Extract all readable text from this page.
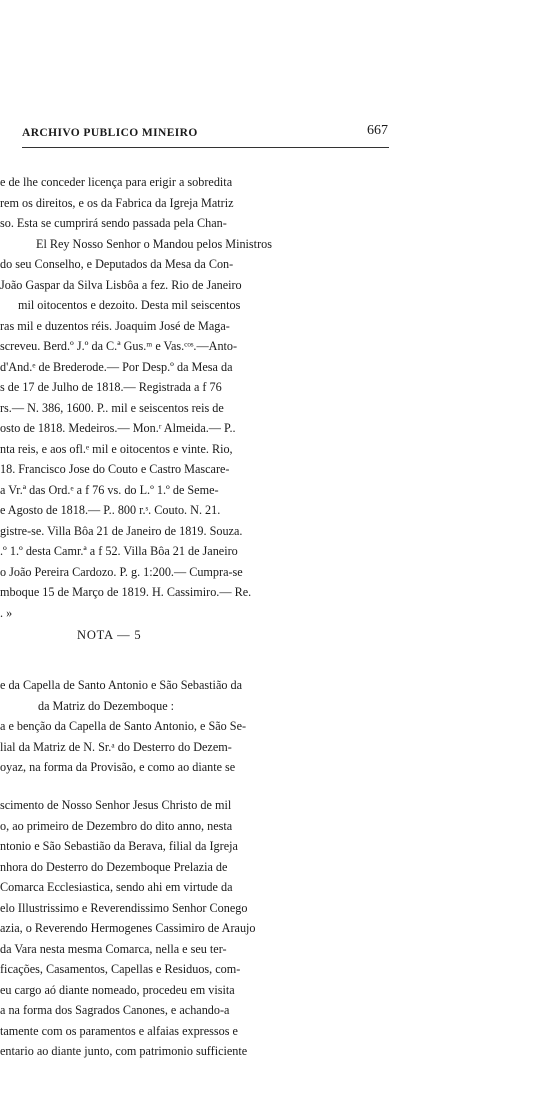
ARCHIVO PUBLICO MINEIRO	667
e de lhe conceder licença para erigir a sobredita
rem os direitos, e os da Fabrica da Igreja Matriz
so. Esta se cumprirá sendo passada pela Chan-
El Rey Nosso Senhor o Mandou pelos Ministros
do seu Conselho, e Deputados da Mesa da Con-
João Gaspar da Silva Lisbôa a fez. Rio de Janeiro
mil oitocentos e dezoito. Desta mil seiscentos
ras mil e duzentos réis. Joaquim José de Maga-
screveu. Berd.º J.º da C.ª Gus.ᵐ e Vas.ᶜᵒˢ.—Anto-
d'And.ᵉ de Brederode.— Por Desp.º da Mesa da
s de 17 de Julho de 1818.— Registrada a f 76
rs.— N. 386, 1600. P.. mil e seiscentos reis de
osto de 1818. Medeiros.— Mon.ʳ Almeida.— P..
nta reis, e aos ofl.ᵉ mil e oitocentos e vinte. Rio,
18. Francisco Jose do Couto e Castro Mascare-
a Vr.ª das Ord.ᵉ a f 76 vs. do L.º 1.º de Seme-
e Agosto de 1818.— P.. 800 r.ˢ. Couto. N. 21.
gistre-se. Villa Bôa 21 de Janeiro de 1819. Souza.
.º 1.º desta Camr.ª a f 52. Villa Bôa 21 de Janeiro
o João Pereira Cardozo. P. g. 1:200.— Cumpra-se
mboque 15 de Março de 1819. H. Cassimiro.— Re.
. »
NOTA — 5
e da Capella de Santo Antonio e São Sebastião da
da Matriz do Dezemboque :
a e benção da Capella de Santo Antonio, e São Se-
lial da Matriz de N. Sr.ᵃ do Desterro do Dezem-
oyaz, na forma da Provisão, e como ao diante se
scimento de Nosso Senhor Jesus Christo de mil
o, ao primeiro de Dezembro do dito anno, nesta
ntonio e São Sebastião da Berava, filial da Igreja
nhora do Desterro do Dezemboque Prelazia de
Comarca Ecclesiastica, sendo ahi em virtude da
elo Illustrissimo e Reverendissimo Senhor Conego
azia, o Reverendo Hermogenes Cassimiro de Araujo
da Vara nesta mesma Comarca, nella e seu ter-
ficações, Casamentos, Capellas e Residuos, com-
eu cargo aó diante nomeado, procedeu em visita
a na forma dos Sagrados Canones, e achando-a
tamente com os paramentos e alfaias expressos e
entario ao diante junto, com patrimonio sufficiente
